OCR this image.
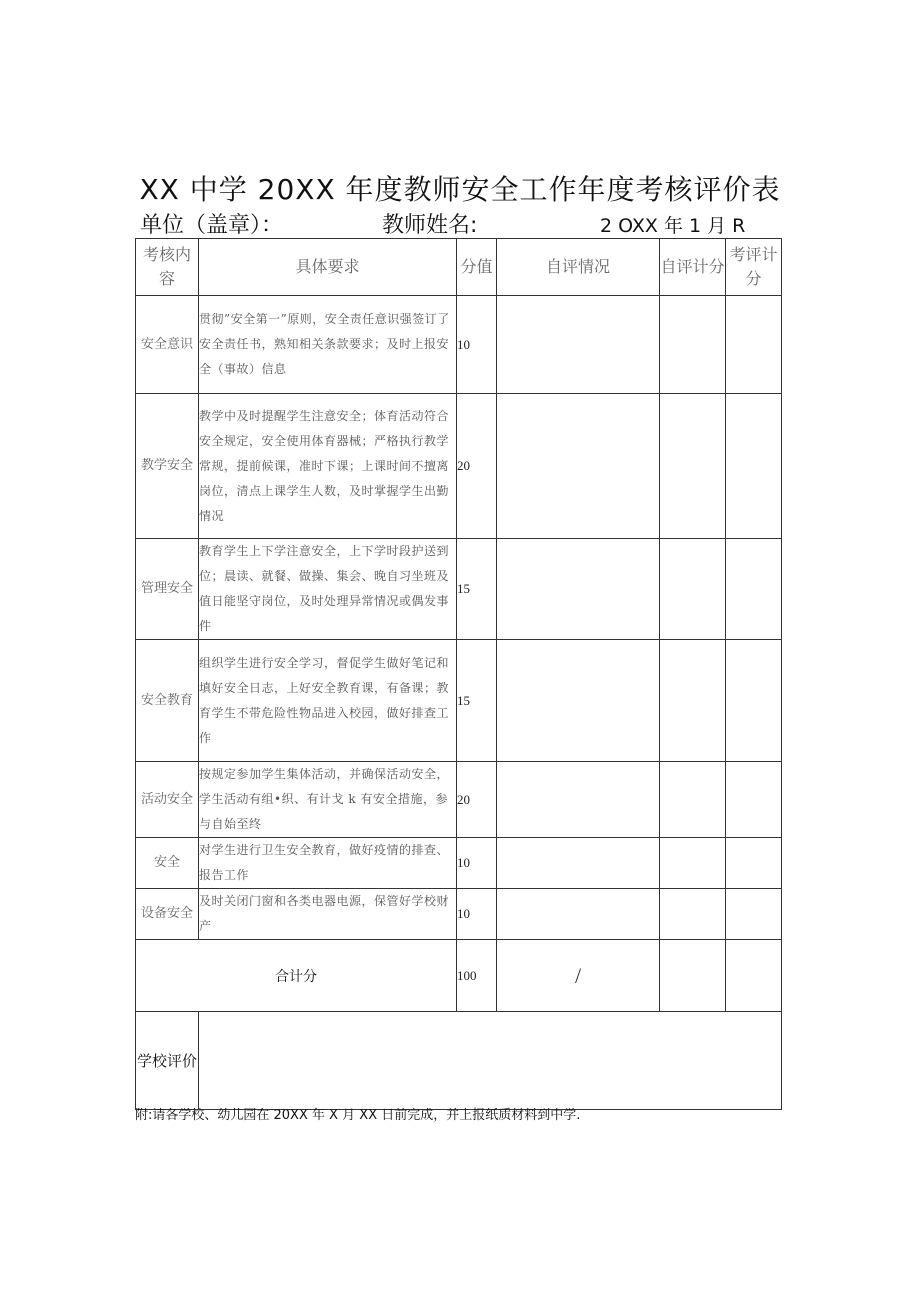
XX 中学 20XX 年度教师安全工作年度考核评价表
单位（盖章）：	教师姓名:	2 OXX 年 1 月 R
考核内容	具体要求	分值	自评情况	自评计分	考评计分
安全意识	贯彻”安全第一”原则，安全责任意识强签订了安全责任书，熟知相关条款要求；及时上报安全（事故）信息	10			
教学安全	教学中及时提醒学生注意安全；体育活动符合安全规定，安全使用体育器械；严格执行教学常规，提前候课，准时下课；上课时间不擅离岗位，清点上课学生人数，及时掌握学生出勤情况	20			
管理安全	教育学生上下学注意安全，上下学时段护送到位；晨读、就餐、做操、集会、晚自习坐班及值日能坚守岗位，及时处理异常情况或偶发事件	15			
安全教育	组织学生进行安全学习，督促学生做好笔记和填好安全日志，上好安全教育课，有备课；教育学生不带危险性物品进入校园，做好排查工作	15			
活动安全	按规定参加学生集体活动，并确保活动安全，学生活动有组•织、有计戈 k 有安全措施，参与自始至终	20			
安全	对学生进行卫生安全教育，做好疫情的排查、报告工作	10			
设备安全	及时关闭门窗和各类电器电源，保管好学校财产	10			
合计分		100	/		
学校评价					
附:请各学校、幼儿园在 20XX 年 X 月 XX 日前完成，并上报纸质材料到中学.
